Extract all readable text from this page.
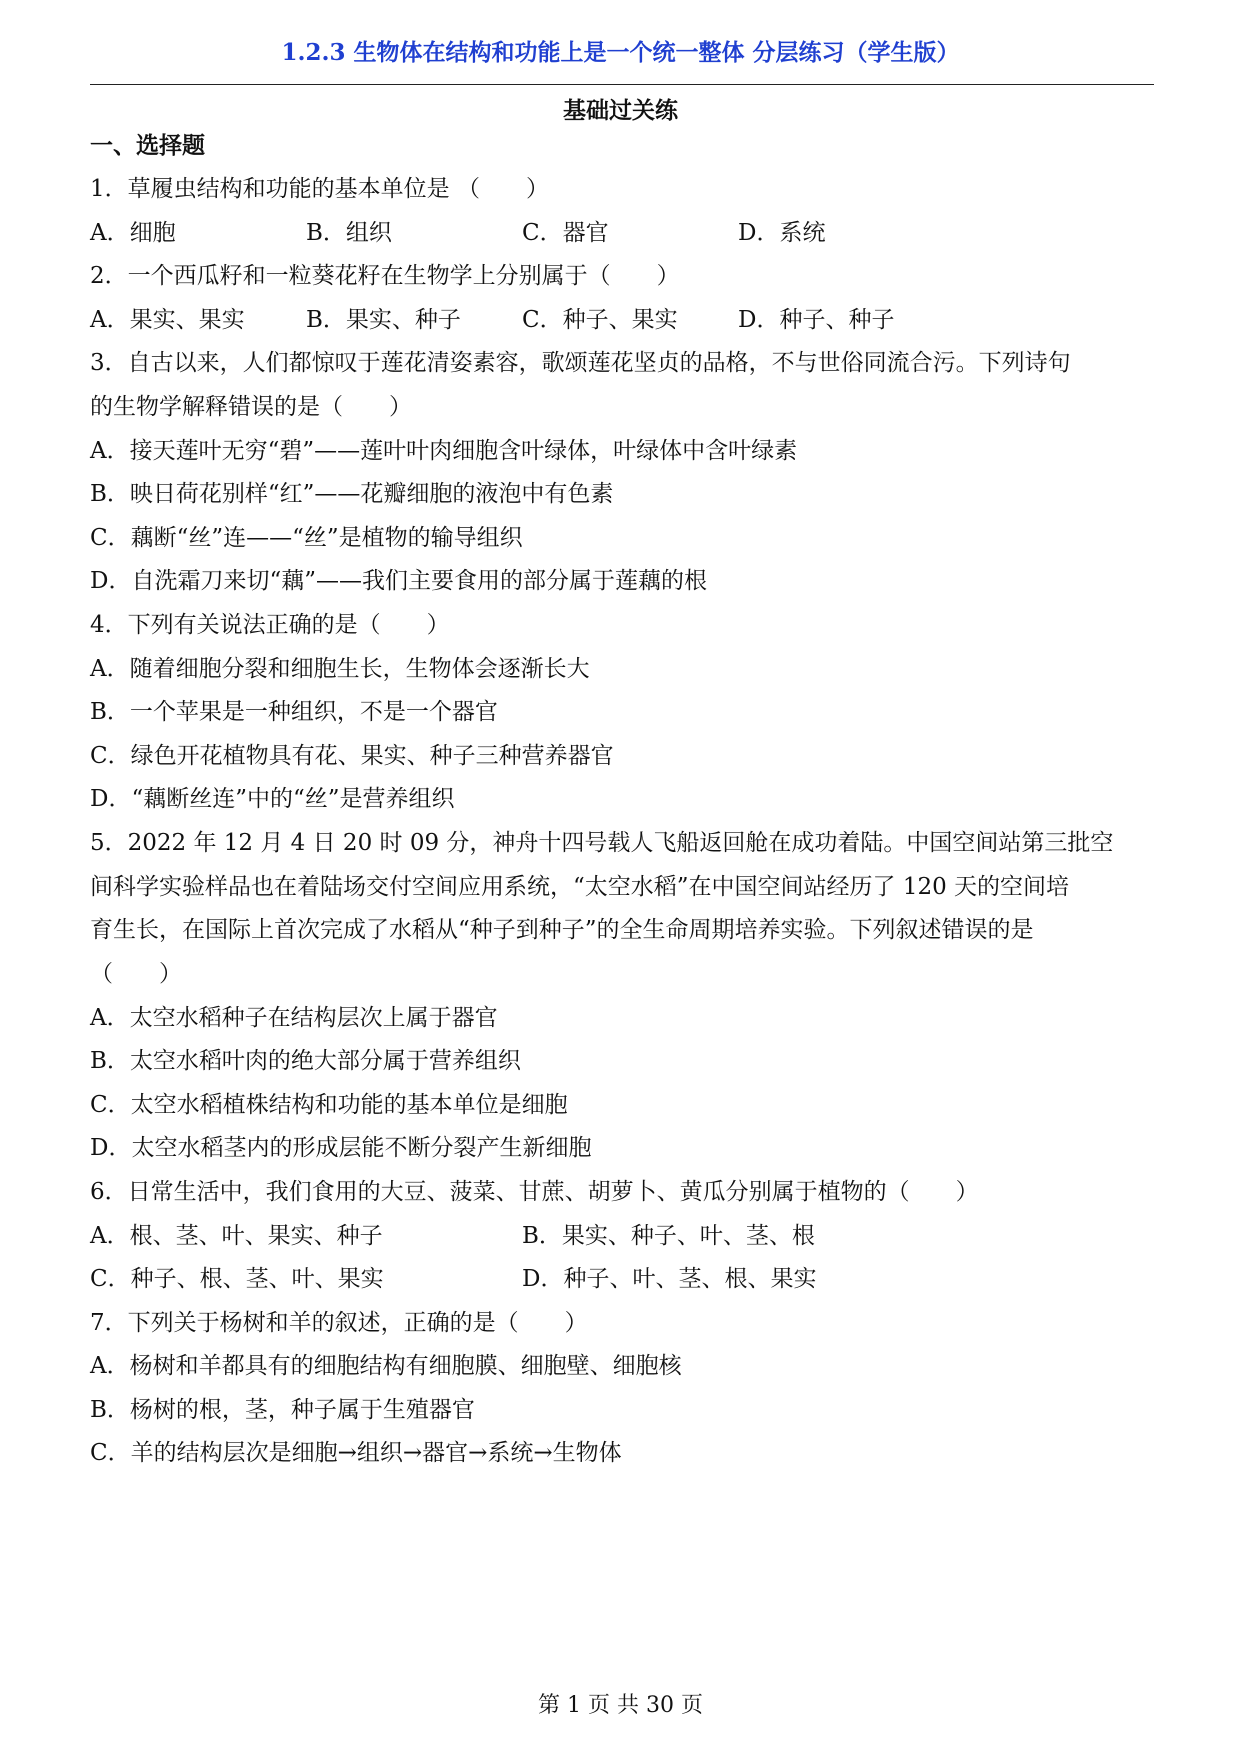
1.2.3 生物体在结构和功能上是一个统一整体 分层练习（学生版）
基础过关练
一、选择题
1．草履虫结构和功能的基本单位是 （　　）
A．细胞	B．组织	C．器官	D．系统
2．一个西瓜籽和一粒葵花籽在生物学上分别属于（　　）
A．果实、果实	B．果实、种子	C．种子、果实	D．种子、种子
3．自古以来，人们都惊叹于莲花清姿素容，歌颂莲花坚贞的品格，不与世俗同流合污。下列诗句
的生物学解释错误的是（　　）
A．接天莲叶无穷“碧”——莲叶叶肉细胞含叶绿体，叶绿体中含叶绿素
B．映日荷花别样“红”——花瓣细胞的液泡中有色素
C．藕断“丝”连——“丝”是植物的输导组织
D．自洗霜刀来切“藕”——我们主要食用的部分属于莲藕的根
4．下列有关说法正确的是（　　）
A．随着细胞分裂和细胞生长，生物体会逐渐长大
B．一个苹果是一种组织，不是一个器官
C．绿色开花植物具有花、果实、种子三种营养器官
D．“藕断丝连”中的“丝”是营养组织
5．2022 年 12 月 4 日 20 时 09 分，神舟十四号载人飞船返回舱在成功着陆。中国空间站第三批空
间科学实验样品也在着陆场交付空间应用系统，“太空水稻”在中国空间站经历了 120 天的空间培
育生长，在国际上首次完成了水稻从“种子到种子”的全生命周期培养实验。下列叙述错误的是
（　　）
A．太空水稻种子在结构层次上属于器官
B．太空水稻叶肉的绝大部分属于营养组织
C．太空水稻植株结构和功能的基本单位是细胞
D．太空水稻茎内的形成层能不断分裂产生新细胞
6．日常生活中，我们食用的大豆、菠菜、甘蔗、胡萝卜、黄瓜分别属于植物的（　　）
A．根、茎、叶、果实、种子	B．果实、种子、叶、茎、根
C．种子、根、茎、叶、果实	D．种子、叶、茎、根、果实
7．下列关于杨树和羊的叙述，正确的是（　　）
A．杨树和羊都具有的细胞结构有细胞膜、细胞壁、细胞核
B．杨树的根，茎，种子属于生殖器官
C．羊的结构层次是细胞→组织→器官→系统→生物体
第 1 页 共 30 页
